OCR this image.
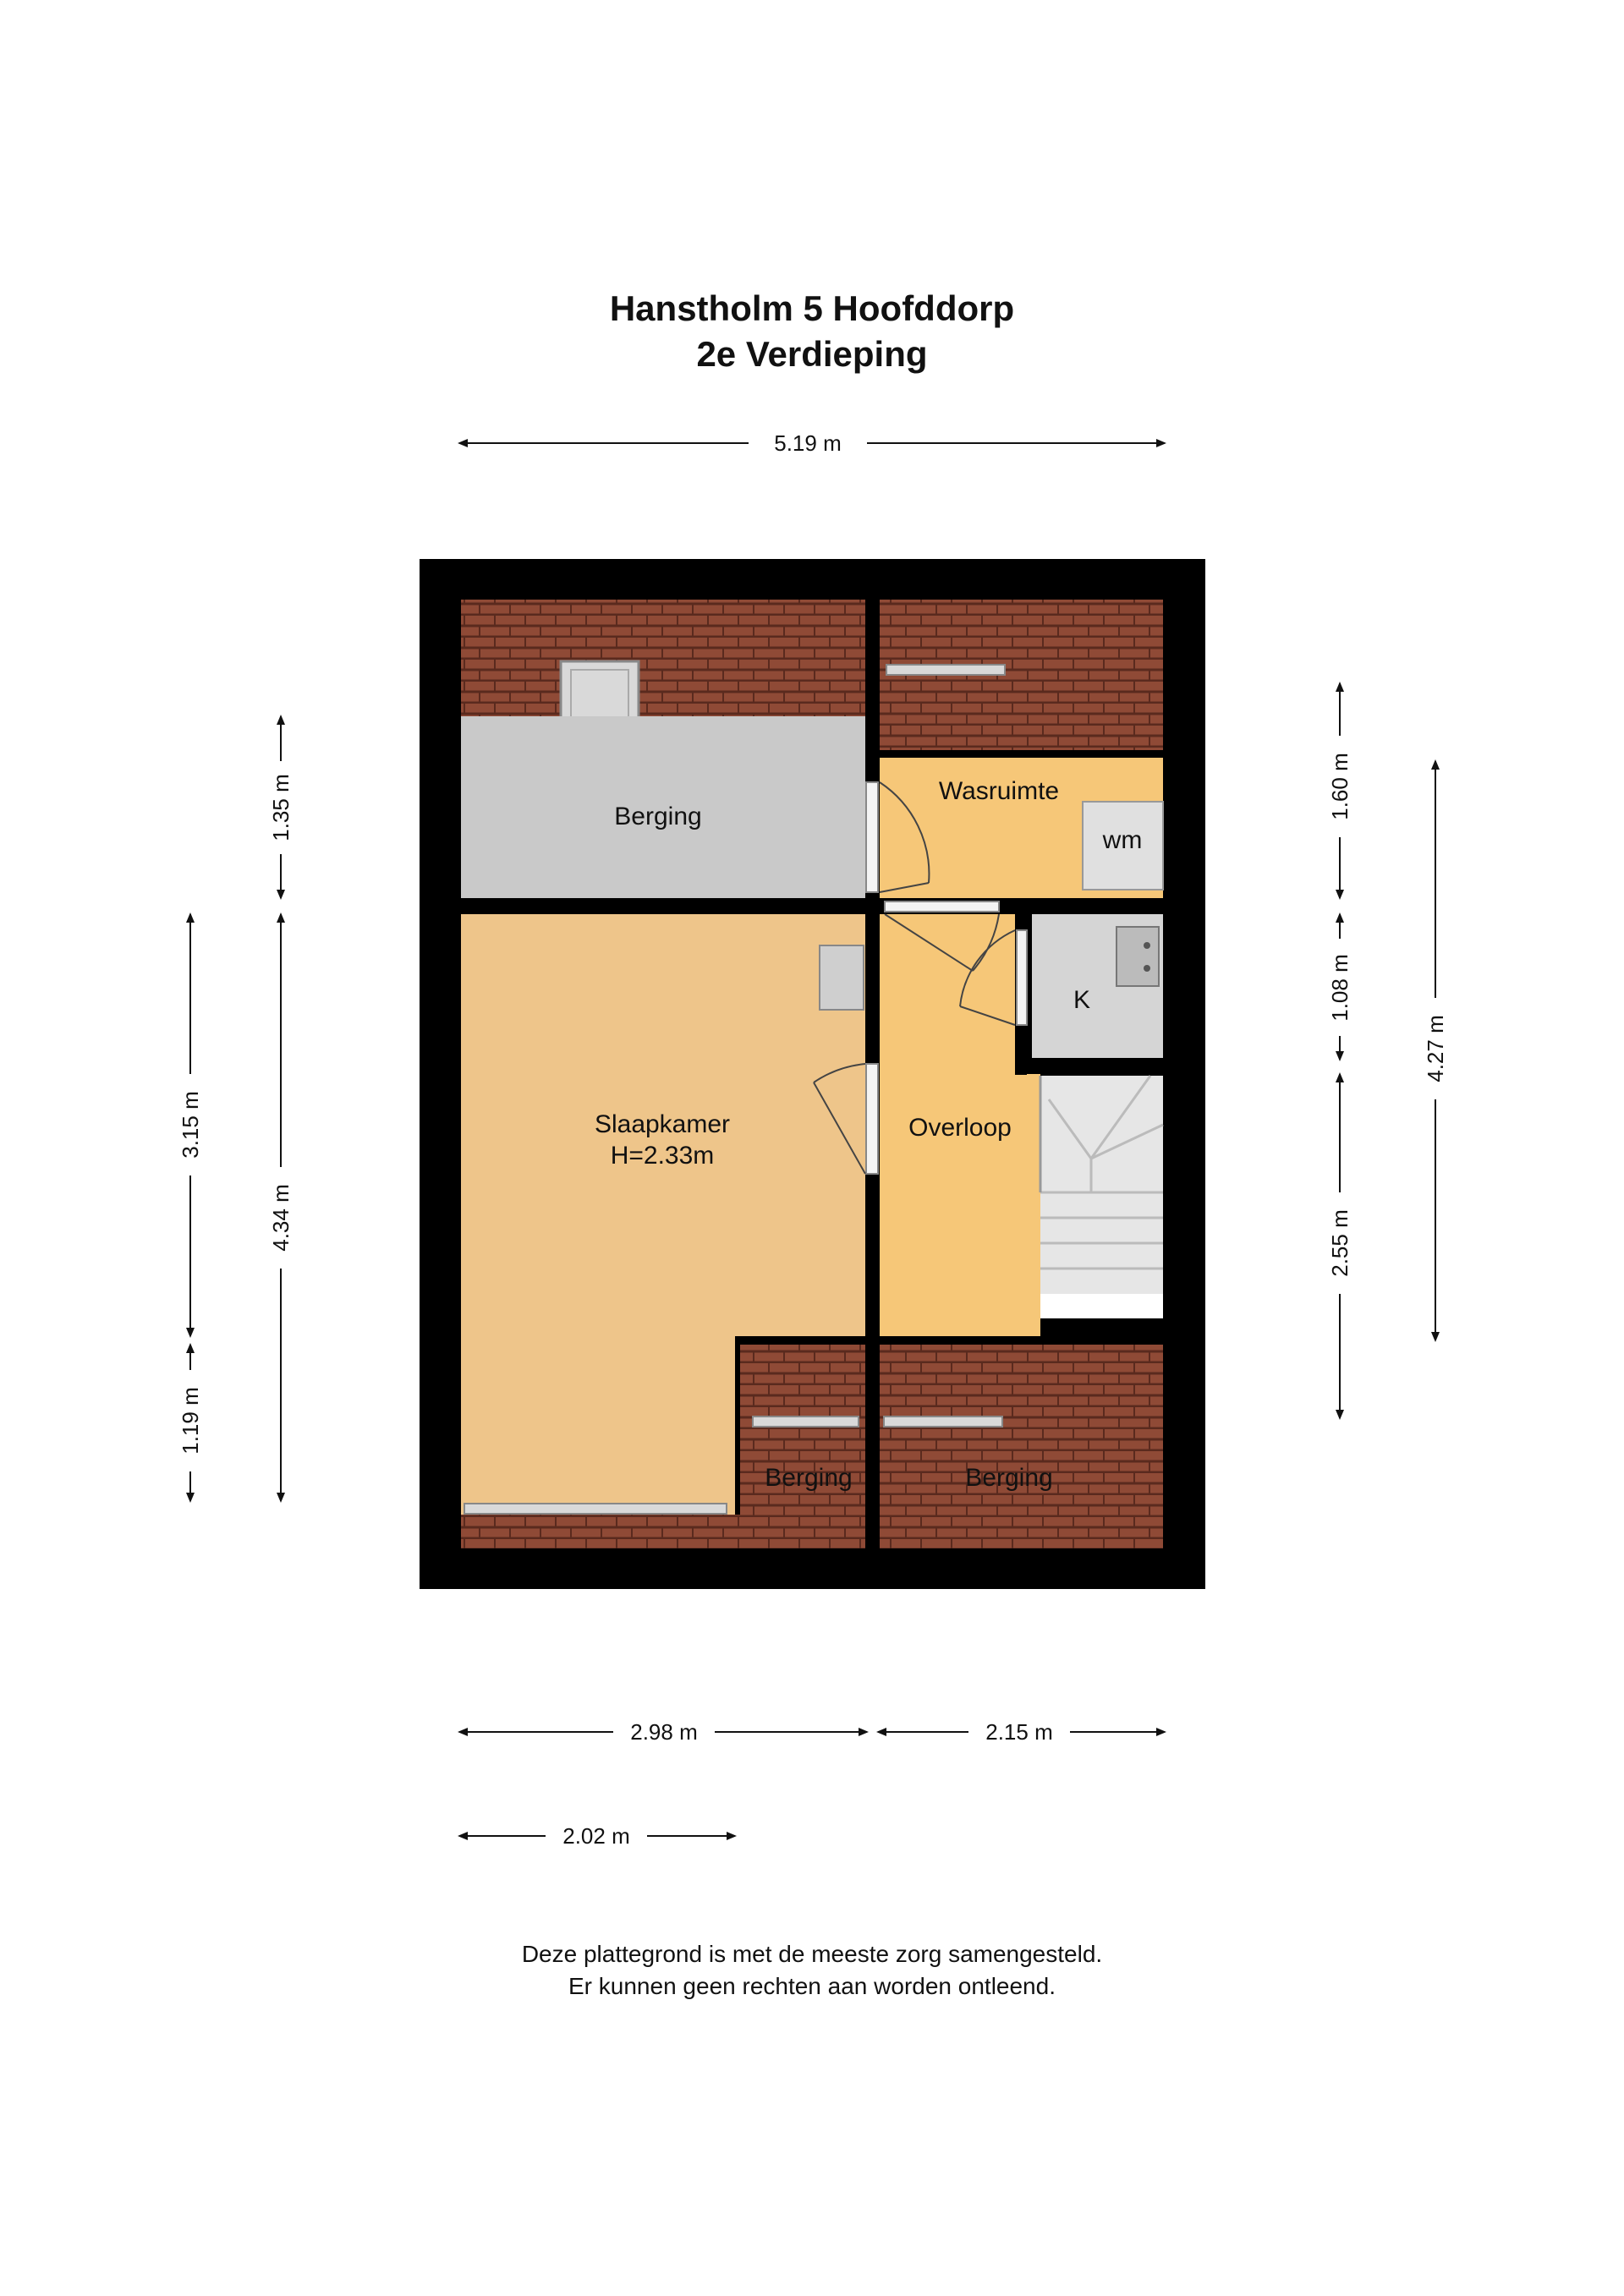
Hanstholm 5 Hoofddorp
2e Verdieping
Berging
Wasruimte
wm
K
Slaapkamer
H=2.33m
Overloop
Berging	Berging
5.19 m
2.98 m	2.15 m
2.02 m
1.35 m
4.34 m
3.15 m
1.19 m
1.60 m
1.08 m
2.55 m
4.27 m
Deze plattegrond is met de meeste zorg samengesteld.
Er kunnen geen rechten aan worden ontleend.
